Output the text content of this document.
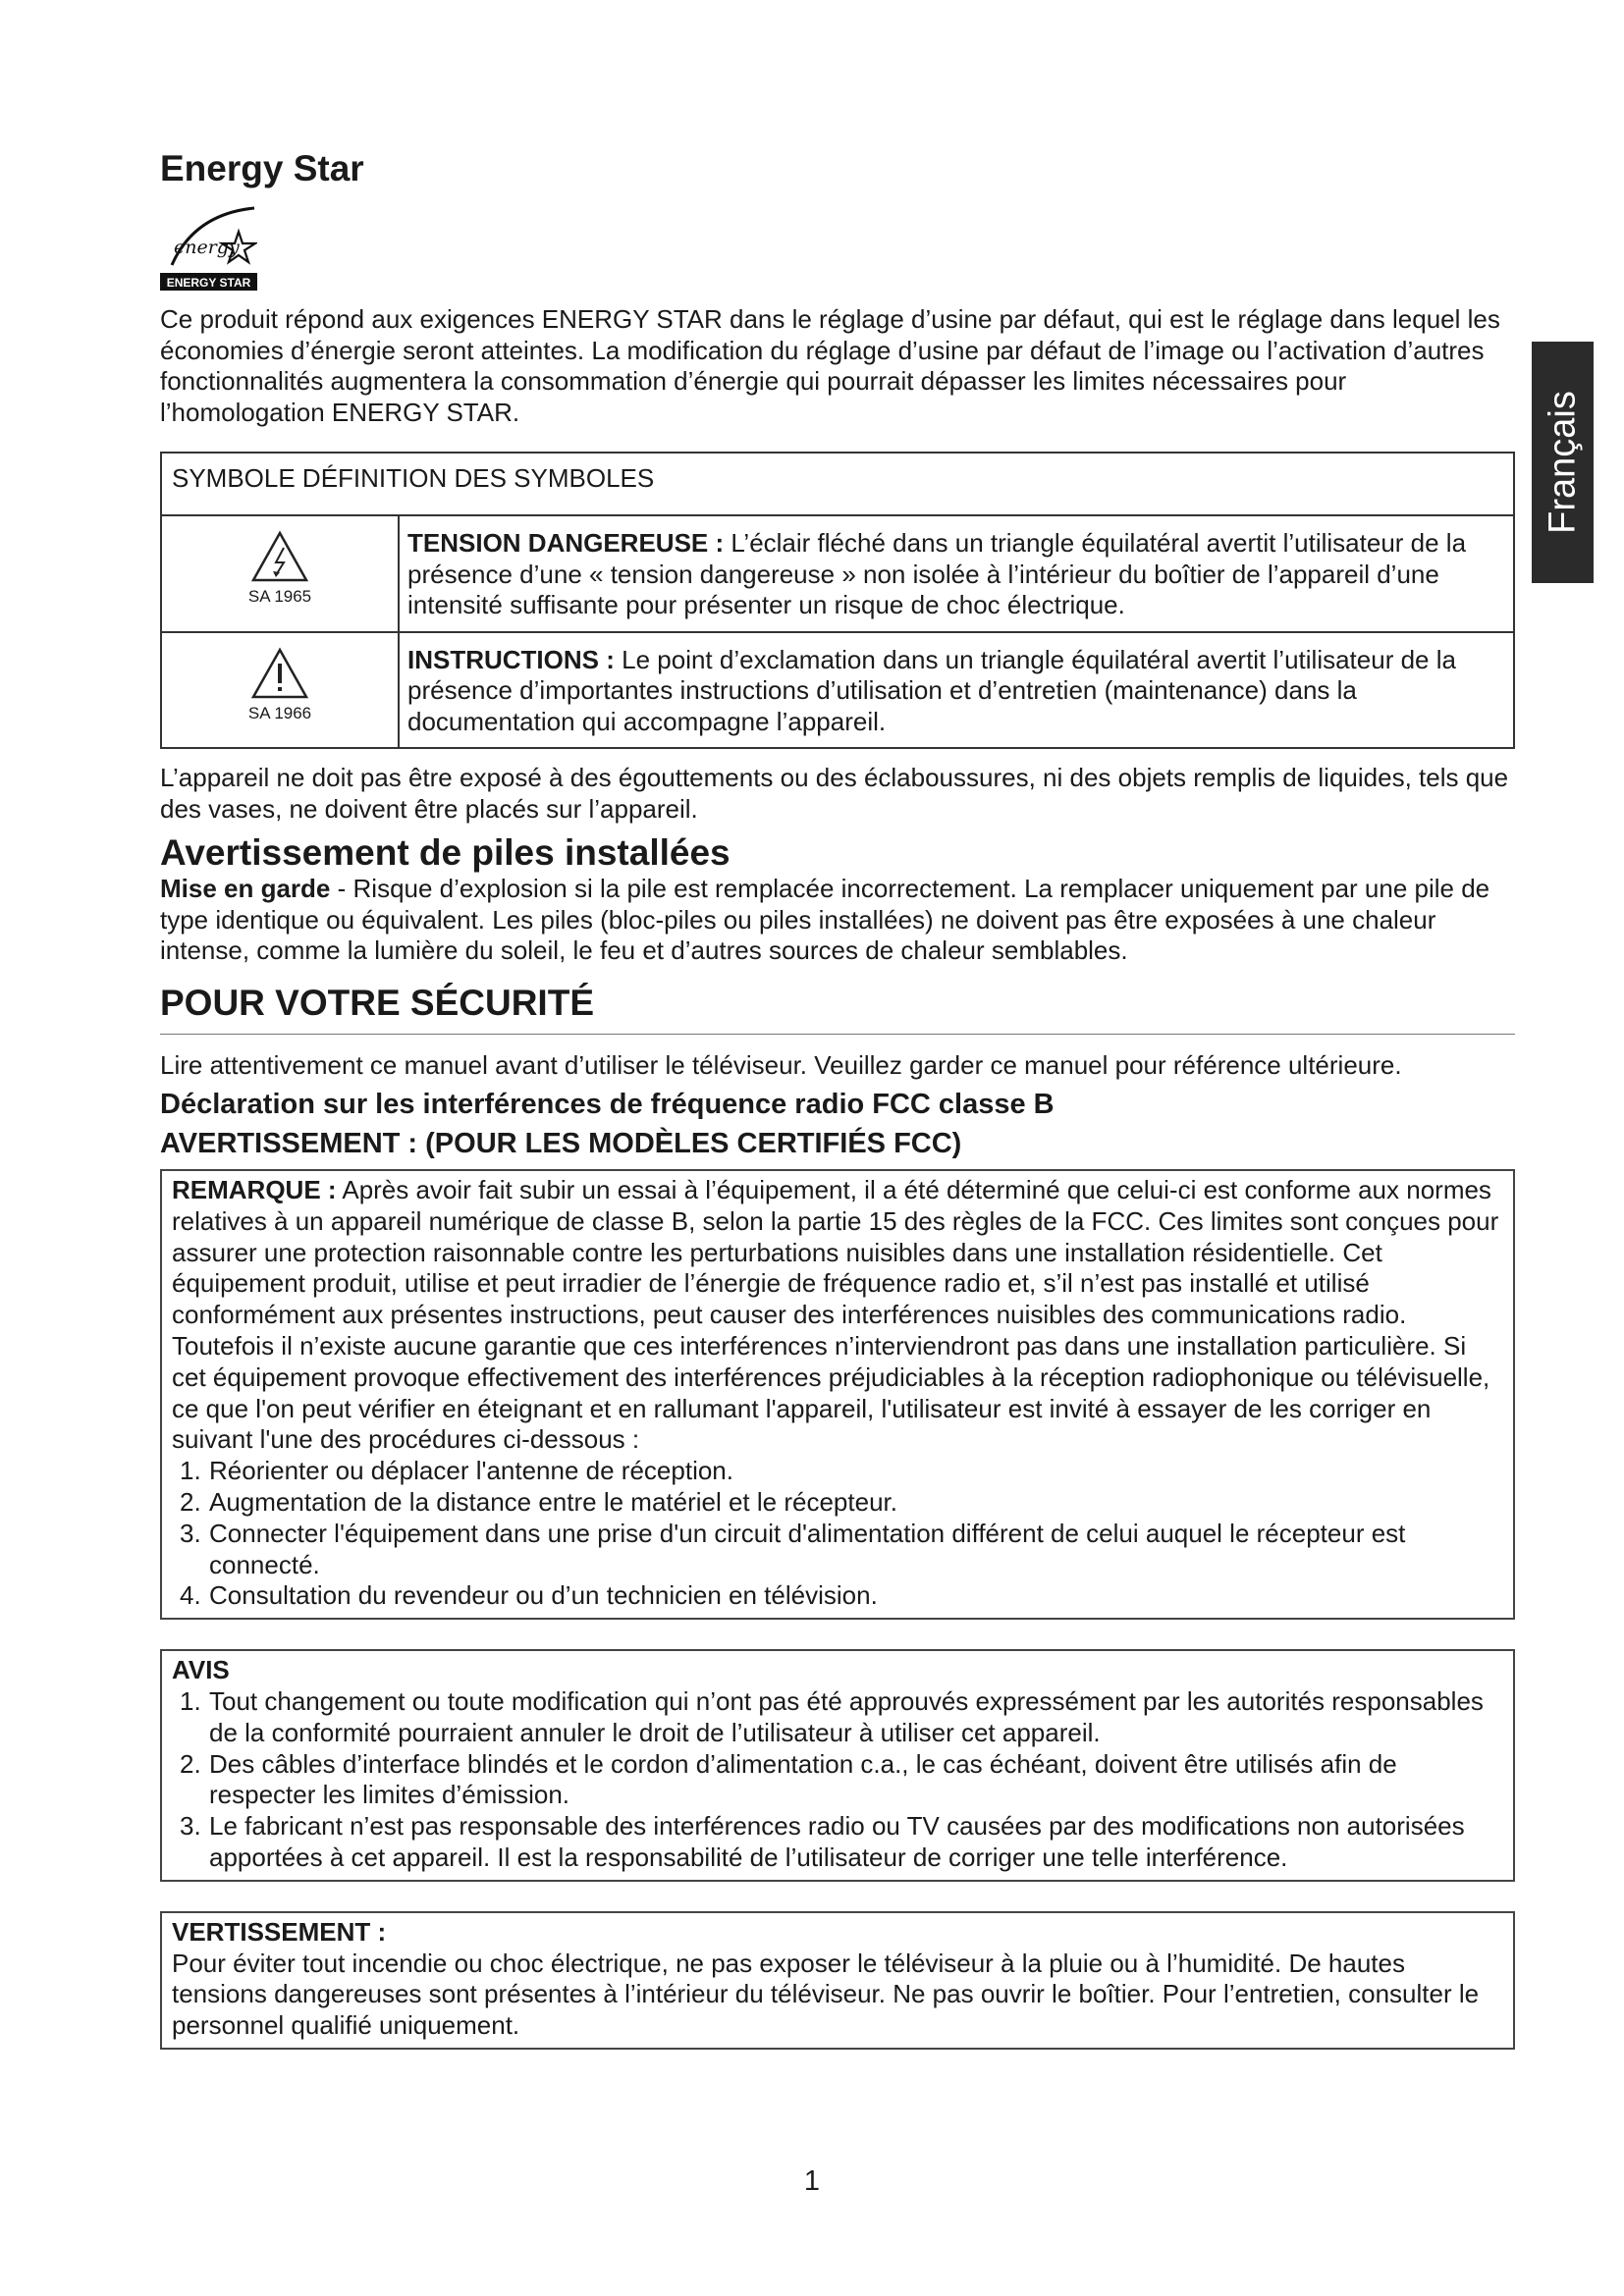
Français
Energy Star
energy
ENERGY STAR

Ce produit répond aux exigences ENERGY STAR dans le réglage d’usine par défaut, qui est le réglage dans lequel les économies d’énergie seront atteintes. La modification du réglage d’usine par défaut de l’image ou l’activation d’autres fonctionnalités augmentera la consommation d’énergie qui pourrait dépasser les limites nécessaires pour l’homologation ENERGY STAR.

SYMBOLE DÉFINITION DES SYMBOLES	

SA 1965	TENSION DANGEREUSE : L’éclair fléché dans un triangle équilatéral avertit l’utilisateur de la présence d’une « tension dangereuse » non isolée à l’intérieur du boîtier de l’appareil d’une intensité suffisante pour présenter un risque de choc électrique.

SA 1966	INSTRUCTIONS : Le point d’exclamation dans un triangle équilatéral avertit l’utilisateur de la présence d’importantes instructions d’utilisation et d’entretien (maintenance) dans la documentation qui accompagne l’appareil.

L’appareil ne doit pas être exposé à des égouttements ou des éclaboussures, ni des objets remplis de liquides, tels que des vases, ne doivent être placés sur l’appareil.

Avertissement de piles installées

Mise en garde - Risque d’explosion si la pile est remplacée incorrectement. La remplacer uniquement par une pile de type identique ou équivalent. Les piles (bloc-piles ou piles installées) ne doivent pas être exposées à une chaleur intense, comme la lumière du soleil, le feu et d’autres sources de chaleur semblables.

POUR VOTRE SÉCURITÉ

Lire attentivement ce manuel avant d’utiliser le téléviseur. Veuillez garder ce manuel pour référence ultérieure.

Déclaration sur les interférences de fréquence radio FCC classe B
AVERTISSEMENT : (POUR LES MODÈLES CERTIFIÉS FCC)
REMARQUE : Après avoir fait subir un essai à l’équipement, il a été déterminé que celui-ci est conforme aux normes relatives à un appareil numérique de classe B, selon la partie 15 des règles de la FCC. Ces limites sont conçues pour assurer une protection raisonnable contre les perturbations nuisibles dans une installation résidentielle. Cet équipement produit, utilise et peut irradier de l’énergie de fréquence radio et, s’il n’est pas installé et utilisé conformément aux présentes instructions, peut causer des interférences nuisibles des communications radio. Toutefois il n’existe aucune garantie que ces interférences n’interviendront pas dans une installation particulière. Si cet équipement provoque effectivement des interférences préjudiciables à la réception radiophonique ou télévisuelle, ce que l'on peut vérifier en éteignant et en rallumant l'appareil, l'utilisateur est invité à essayer de les corriger en suivant l'une des procédures ci-dessous :
1. Réorienter ou déplacer l'antenne de réception.
2. Augmentation de la distance entre le matériel et le récepteur.
3. Connecter l'équipement dans une prise d'un circuit d'alimentation différent de celui auquel le récepteur est connecté.
4. Consultation du revendeur ou d’un technicien en télévision.
AVIS
1. Tout changement ou toute modification qui n’ont pas été approuvés expressément par les autorités responsables de la conformité pourraient annuler le droit de l’utilisateur à utiliser cet appareil.
2. Des câbles d’interface blindés et le cordon d’alimentation c.a., le cas échéant, doivent être utilisés afin de respecter les limites d’émission.
3. Le fabricant n’est pas responsable des interférences radio ou TV causées par des modifications non autorisées apportées à cet appareil. Il est la responsabilité de l’utilisateur de corriger une telle interférence.
VERTISSEMENT :
Pour éviter tout incendie ou choc électrique, ne pas exposer le téléviseur à la pluie ou à l’humidité. De hautes tensions dangereuses sont présentes à l’intérieur du téléviseur. Ne pas ouvrir le boîtier. Pour l’entretien, consulter le personnel qualifié uniquement.
1
